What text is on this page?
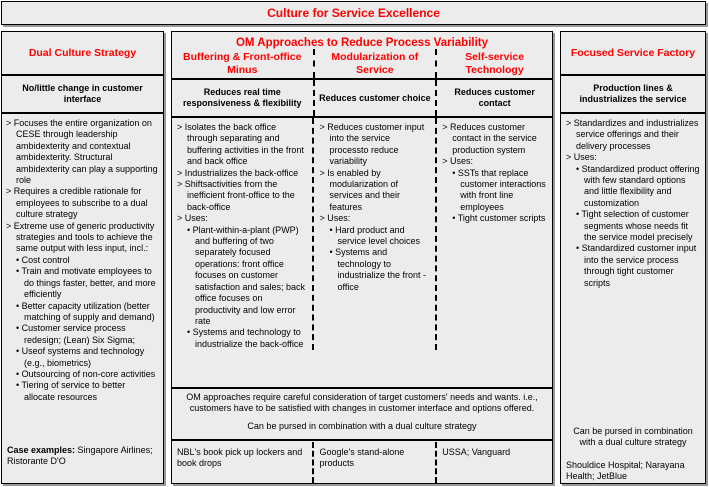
Culture for Service Excellence
Dual Culture Strategy
No/little change in customer interface
> Focuses the entire organization on CESE through leadership ambidexterity and contextual ambidexterity. Structural ambidexterity can play a supporting role
> Requires a credible rationale for employees to subscribe to a dual culture strategy
> Extreme use of generic productivity strategies and tools to achieve the same output with less input, incl.:
• Cost control
• Train and motivate employees to do things faster, better, and more efficiently
• Better capacity utilization (better matching of supply and demand)
• Customer service process redesign; (Lean) Six Sigma;
• Useof systems and technology (e.g., biometrics)
• Outsourcing of non-core activities
• Tiering of service to better allocate resources
Case examples: Singapore Airlines; Ristorante D'O
OM Approaches to Reduce Process Variability
Buffering & Front-office Minus
Modularization of Service
Self-service Technology
Reduces real time responsiveness & flexibility
Reduces customer choice
Reduces customer contact
> Isolates the back office through separating and buffering activities in the front and back office
> Industrializes the back-office
> Shiftsactivities from the inefficient front-office to the back-office
> Uses:
• Plant-within-a-plant (PWP) and buffering of two separately focused operations: front office focuses on customer satisfaction and sales; back office focuses on productivity and low error rate
• Systems and technology to industrialize the back-office
> Reduces customer input into the service processto reduce variability
> Is enabled by modularization of services and their features
> Uses:
• Hard product and service level choices
• Systems and technology to industrialize the front -office
> Reduces customer contact in the service production system
> Uses:
• SSTs that replace customer interactions with front line employees
• Tight customer scripts
OM approaches require careful consideration of target customers' needs and wants. i.e., customers have to be satisfied with changes in customer interface and options offered.
Can be pursed in combination with a dual culture strategy
NBL's book pick up lockers and book drops
Google's stand-alone products
USSA; Vanguard
Focused Service Factory
Production lines & industrializes the service
> Standardizes and industrializes service offerings and their delivery processes
> Uses:
• Standardized product offering with few standard options and little flexibility and customization
• Tight selection of customer segments whose needs fit the service model precisely
• Standardized customer input into the service process through tight customer scripts
Can be pursed in combination with a dual culture strategy
Shouldice Hospital; Narayana Health; JetBlue
